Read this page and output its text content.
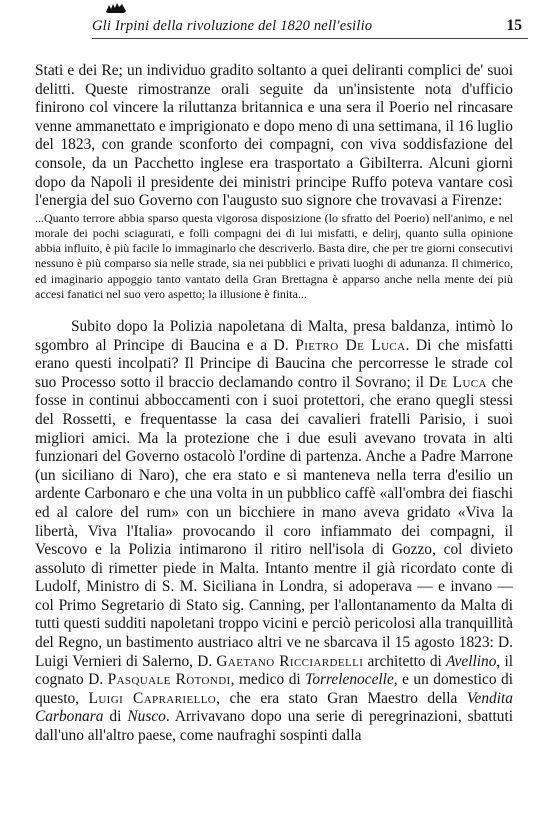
Gli Irpini della rivoluzione del 1820 nell'esilio	15

Stati e dei Re; un individuo gradito soltanto a quei deliranti complici de' suoi delitti. Queste rimostranze orali seguite da un'insistente nota d'ufficio finirono col vincere la riluttanza britannica e una sera il Poerio nel rincasare venne ammanettato e imprigionato e dopo meno di una settimana, il 16 luglio del 1823, con grande sconforto dei compagni, con viva soddisfazione del console, da un Pacchetto inglese era trasportato a Gibilterra. Alcuni giorni dopo da Napoli il presidente dei ministri principe Ruffo poteva vantare così l'energia del suo Governo con l'augusto suo signore che trovavasi a Firenze:

...Quanto terrore abbia sparso questa vigorosa disposizione (lo sfratto del Poerio) nell'animo, e nel morale dei pochi sciagurati, e folli compagni dei di lui misfatti, e delirj, quanto sulla opinione abbia influito, è più facile lo immaginarlo che descriverlo. Basta dire, che per tre giorni consecutivi nessuno è più comparso sia nelle strade, sia nei pubblici e privati luoghi di adunanza. Il chimerico, ed imaginario appoggio tanto vantato della Gran Brettagna è apparso anche nella mente dei più accesi fanatici nel suo vero aspetto; la illusione è finita...

Subito dopo la Polizia napoletana di Malta, presa baldanza, intimò lo sgombro al Principe di Baucina e a D. Pietro De Luca. Di che misfatti erano questi incolpati? Il Principe di Baucina che percorresse le strade col suo Processo sotto il braccio declamando contro il Sovrano; il De Luca che fosse in continui abboccamenti con i suoi protettori, che erano quegli stessi del Rossetti, e frequentasse la casa dei cavalieri fratelli Parisio, i suoi migliori amici. Ma la protezione che i due esuli avevano trovata in alti funzionari del Governo ostacolò l'ordine di partenza. Anche a Padre Marrone (un siciliano di Naro), che era stato e si manteneva nella terra d'esilio un ardente Carbonaro e che una volta in un pubblico caffè «all'ombra dei fiaschi ed al calore del rum» con un bicchiere in mano aveva gridato «Viva la libertà, Viva l'Italia» provocando il coro infiammato dei compagni, il Vescovo e la Polizia intimarono il ritiro nell'isola di Gozzo, col divieto assoluto di rimetter piede in Malta. Intanto mentre il già ricordato conte di Ludolf, Ministro di S. M. Siciliana in Londra, si adoperava — e invano — col Primo Segretario di Stato sig. Canning, per l'allontanamento da Malta di tutti questi sudditi napoletani troppo vicini e perciò pericolosi alla tranquillità del Regno, un bastimento austriaco altri ve ne sbarcava il 15 agosto 1823: D. Luigi Vernieri di Salerno, D. Gaetano Ricciardelli architetto di Avellino, il cognato D. Pasquale Rotondi, medico di Torrelenocelle, e un domestico di questo, Luigi Caprariello, che era stato Gran Maestro della Vendita Carbonara di Nusco. Arrivavano dopo una serie di peregrinazioni, sbattuti dall'uno all'altro paese, come naufraghi sospinti dalla
